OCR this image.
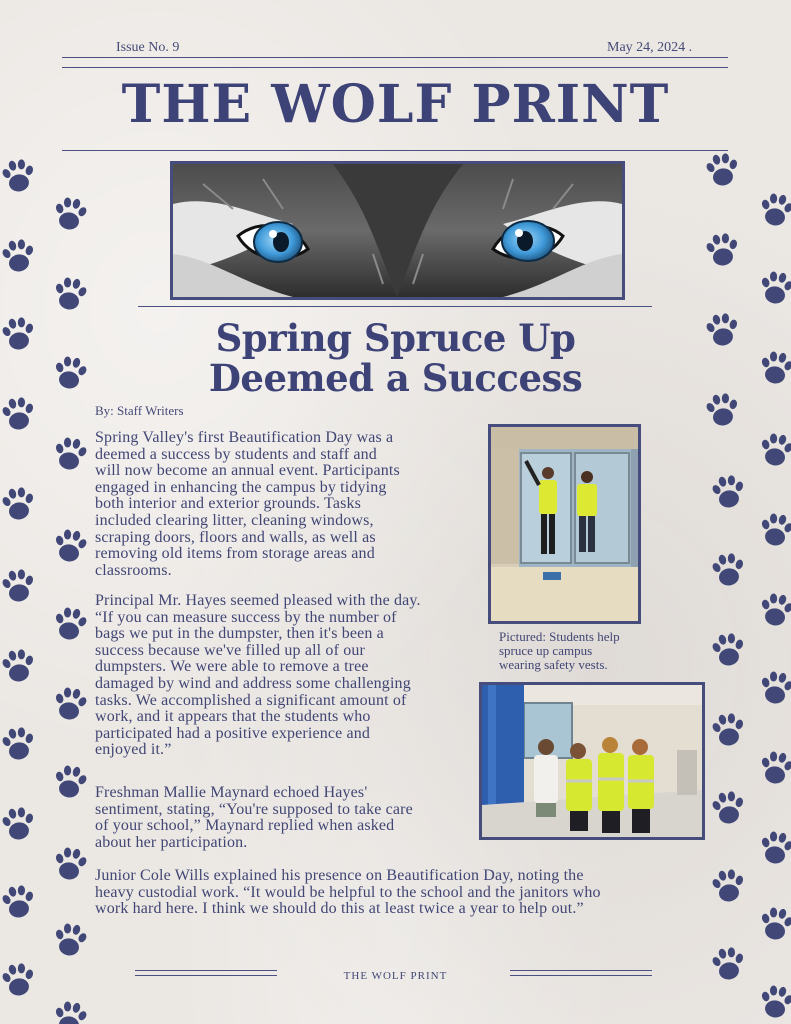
Issue No. 9	May 24, 2024 .
THE WOLF PRINT
Spring Spruce Up
Deemed a Success
By: Staff Writers
Spring Valley's first Beautification Day was a
deemed a success by students and staff and
will now become an annual event. Participants
engaged in enhancing the campus by tidying
both interior and exterior grounds. Tasks
included clearing litter, cleaning windows,
scraping doors, floors and walls, as well as
removing old items from storage areas and
classrooms.
Principal Mr. Hayes seemed pleased with the day.
“If you can measure success by the number of
bags we put in the dumpster, then it's been a
success because we've filled up all of our
dumpsters. We were able to remove a tree
damaged by wind and address some challenging
tasks. We accomplished a significant amount of
work, and it appears that the students who
participated had a positive experience and
enjoyed it.”
Freshman Mallie Maynard echoed Hayes'
sentiment, stating, “You're supposed to take care
of your school,” Maynard replied when asked
about her participation.
Junior Cole Wills explained his presence on Beautification Day, noting the
heavy custodial work. “It would be helpful to the school and the janitors who
work hard here. I think we should do this at least twice a year to help out.”
Pictured: Students help
spruce up campus
wearing safety vests.
THE WOLF PRINT
